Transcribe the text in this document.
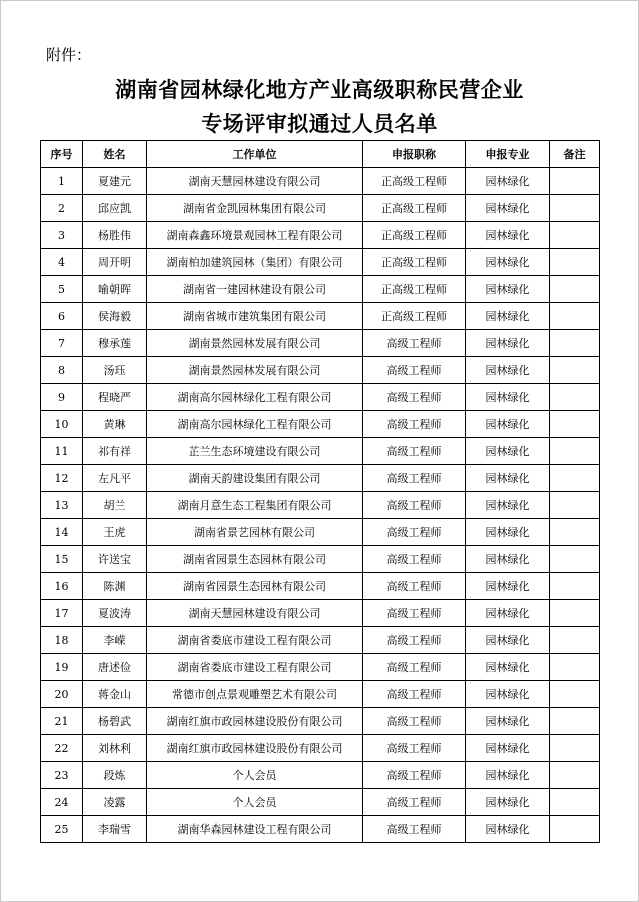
附件：
湖南省园林绿化地方产业高级职称民营企业
专场评审拟通过人员名单
序号	姓名	工作单位	申报职称	申报专业	备注
1	夏建元	湖南天慧园林建设有限公司	正高级工程师	园林绿化	
2	邱应凯	湖南省金凯园林集团有限公司	正高级工程师	园林绿化	
3	杨胜伟	湖南森鑫环境景观园林工程有限公司	正高级工程师	园林绿化	
4	周开明	湖南柏加建筑园林（集团）有限公司	正高级工程师	园林绿化	
5	喻朝晖	湖南省一建园林建设有限公司	正高级工程师	园林绿化	
6	侯海毅	湖南省城市建筑集团有限公司	正高级工程师	园林绿化	
7	穆承莲	湖南景然园林发展有限公司	高级工程师	园林绿化	
8	汤珏	湖南景然园林发展有限公司	高级工程师	园林绿化	
9	程晓严	湖南高尔园林绿化工程有限公司	高级工程师	园林绿化	
10	黄琳	湖南高尔园林绿化工程有限公司	高级工程师	园林绿化	
11	祁有祥	芷兰生态环境建设有限公司	高级工程师	园林绿化	
12	左凡平	湖南天韵建设集团有限公司	高级工程师	园林绿化	
13	胡兰	湖南月意生态工程集团有限公司	高级工程师	园林绿化	
14	王虎	湖南省景艺园林有限公司	高级工程师	园林绿化	
15	许送宝	湖南省园景生态园林有限公司	高级工程师	园林绿化	
16	陈渊	湖南省园景生态园林有限公司	高级工程师	园林绿化	
17	夏波涛	湖南天慧园林建设有限公司	高级工程师	园林绿化	
18	李嵘	湖南省娄底市建设工程有限公司	高级工程师	园林绿化	
19	唐述俭	湖南省娄底市建设工程有限公司	高级工程师	园林绿化	
20	蒋金山	常德市创点景观雕塑艺术有限公司	高级工程师	园林绿化	
21	杨碧武	湖南红旗市政园林建设股份有限公司	高级工程师	园林绿化	
22	刘林利	湖南红旗市政园林建设股份有限公司	高级工程师	园林绿化	
23	段炼	个人会员	高级工程师	园林绿化	
24	凌露	个人会员	高级工程师	园林绿化	
25	李瑞雪	湖南华森园林建设工程有限公司	高级工程师	园林绿化	
